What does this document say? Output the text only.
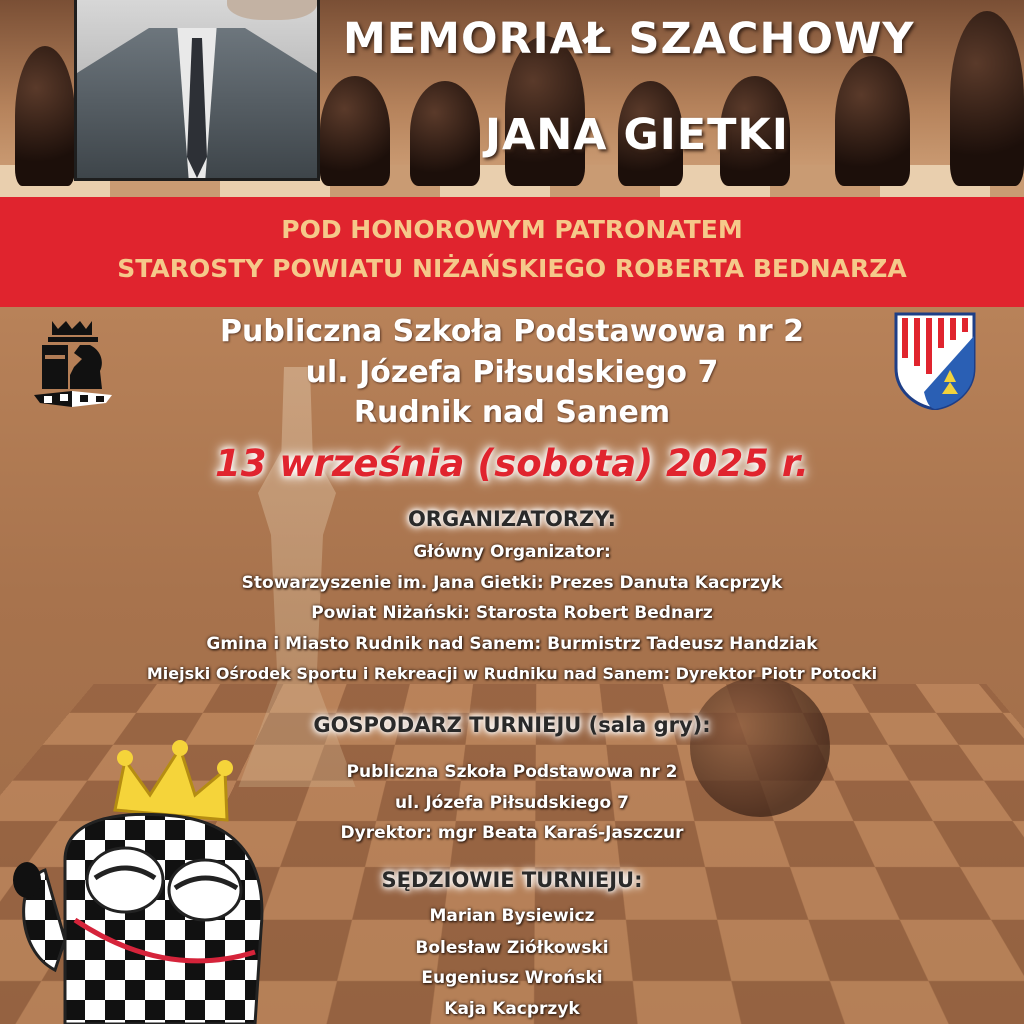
MEMORIAŁ SZACHOWY
JANA GIETKI
POD HONOROWYM PATRONATEM
STAROSTY POWIATU NIŻAŃSKIEGO ROBERTA BEDNARZA
Publiczna Szkoła Podstawowa nr 2
ul. Józefa Piłsudskiego 7
Rudnik nad Sanem
13 września (sobota) 2025 r.
ORGANIZATORZY:
Główny Organizator:
Stowarzyszenie im. Jana Gietki: Prezes Danuta Kacprzyk
Powiat Niżański: Starosta Robert Bednarz
Gmina i Miasto Rudnik nad Sanem: Burmistrz Tadeusz Handziak
Miejski Ośrodek Sportu i Rekreacji w Rudniku nad Sanem: Dyrektor Piotr Potocki
GOSPODARZ TURNIEJU (sala gry):
Publiczna Szkoła Podstawowa nr 2
ul. Józefa Piłsudskiego 7
Dyrektor: mgr Beata Karaś-Jaszczur
SĘDZIOWIE TURNIEJU:
Marian Bysiewicz
Bolesław Ziółkowski
Eugeniusz Wroński
Kaja Kacprzyk
